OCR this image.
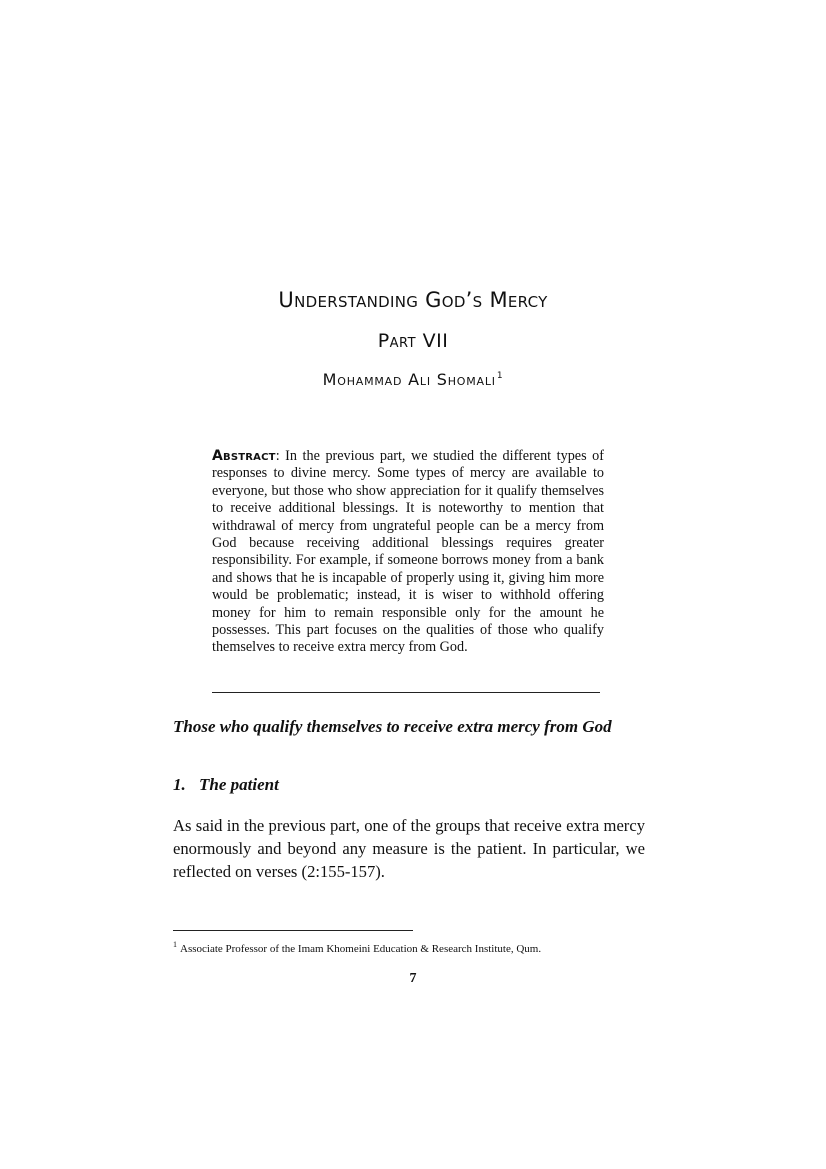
Understanding God’s Mercy
Part VII
Mohammad Ali Shomali$^1$
Abstract: In the previous part, we studied the different types of responses to divine mercy. Some types of mercy are available to everyone, but those who show appreciation for it qualify themselves to receive additional blessings. It is noteworthy to mention that withdrawal of mercy from ungrateful people can be a mercy from God because receiving additional blessings requires greater responsibility. For example, if someone borrows money from a bank and shows that he is incapable of properly using it, giving him more would be problematic; instead, it is wiser to withhold offering money for him to remain responsible only for the amount he possesses. This part focuses on the qualities of those who qualify themselves to receive extra mercy from God.
Those who qualify themselves to receive extra mercy from God
1. The patient
As said in the previous part, one of the groups that receive extra mercy enormously and beyond any measure is the patient. In particular, we reflected on verses (2:155-157).
$^1$ Associate Professor of the Imam Khomeini Education & Research Institute, Qum.
7
